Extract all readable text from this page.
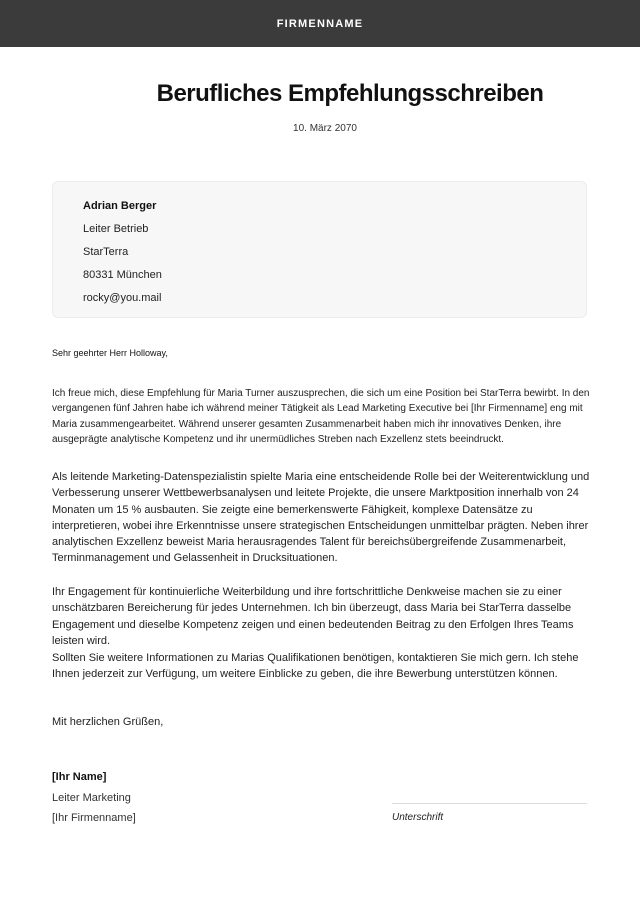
FIRMENNAME
Berufliches Empfehlungsschreiben
10. März 2070
Adrian Berger
Leiter Betrieb
StarTerra
80331 München
rocky@you.mail
Sehr geehrter Herr Holloway,

Ich freue mich, diese Empfehlung für Maria Turner auszusprechen, die sich um eine Position bei StarTerra bewirbt. In den vergangenen fünf Jahren habe ich während meiner Tätigkeit als Lead Marketing Executive bei [Ihr Firmenname] eng mit Maria zusammengearbeitet. Während unserer gesamten Zusammenarbeit haben mich ihr innovatives Denken, ihre ausgeprägte analytische Kompetenz und ihr unermüdliches Streben nach Exzellenz stets beeindruckt.

Als leitende Marketing-Datenspezialistin spielte Maria eine entscheidende Rolle bei der Weiterentwicklung und Verbesserung unserer Wettbewerbsanalysen und leitete Projekte, die unsere Marktposition innerhalb von 24 Monaten um 15 % ausbauten. Sie zeigte eine bemerkenswerte Fähigkeit, komplexe Datensätze zu interpretieren, wobei ihre Erkenntnisse unsere strategischen Entscheidungen unmittelbar prägten. Neben ihrer analytischen Exzellenz beweist Maria herausragendes Talent für bereichsübergreifende Zusammenarbeit, Terminmanagement und Gelassenheit in Drucksituationen.

Ihr Engagement für kontinuierliche Weiterbildung und ihre fortschrittliche Denkweise machen sie zu einer unschätzbaren Bereicherung für jedes Unternehmen. Ich bin überzeugt, dass Maria bei StarTerra dasselbe Engagement und dieselbe Kompetenz zeigen und einen bedeutenden Beitrag zu den Erfolgen Ihres Teams leisten wird.

Sollten Sie weitere Informationen zu Marias Qualifikationen benötigen, kontaktieren Sie mich gern. Ich stehe Ihnen jederzeit zur Verfügung, um weitere Einblicke zu geben, die ihre Bewerbung unterstützen können.

Mit herzlichen Grüßen,
[Ihr Name]
Leiter Marketing
[Ihr Firmenname]	Unterschrift
